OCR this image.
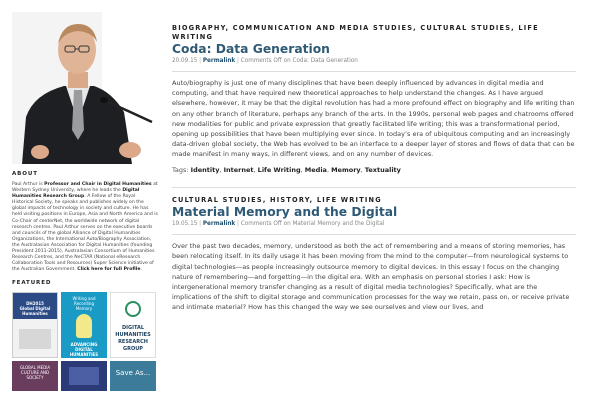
ABOUT
Paul Arthur is Professor and Chair in Digital Humanities at Western Sydney University, where he leads the Digital Humanities Research Group. A Fellow of the Royal Historical Society, he speaks and publishes widely on the global impacts of technology in society and culture. He has held visiting positions in Europe, Asia and North America and is Co-Chair of centerNet, the worldwide network of digital research centres. Paul Arthur serves on the executive boards and councils of the global Alliance of Digital Humanities Organizations, the International Auto/Biography Association, the Australasian Association for Digital Humanities (founding President 2011-2015), Australasian Consortium of Humanities Research Centres, and the NeCTAR (National eResearch Collaboration Tools and Resources) Super Science initiative of the Australian Government. Click here for full Profile.
FEATURED
DH2015
Global Digital
Humanities
Writing and
Recording
Memory
ADVANCING
DIGITAL
HUMANITIES
DIGITAL
HUMANITIES
RESEARCH GROUP
GLOBAL MEDIA
CULTURE AND
SOCIETY
Save As...
BIOGRAPHY, COMMUNICATION AND MEDIA STUDIES, CULTURAL STUDIES, LIFE WRITING
Coda: Data Generation
20.09.15 | Permalink | Comments Off on Coda: Data Generation
Auto/biography is just one of many disciplines that have been deeply influenced by advances in digital media and computing, and that have required new theoretical approaches to help understand the changes. As I have argued elsewhere, however, it may be that the digital revolution has had a more profound effect on biography and life writing than on any other branch of literature, perhaps any branch of the arts. In the 1990s, personal web pages and chatrooms offered new modalities for public and private expression that greatly facilitated life writing; this was a transformational period, opening up possibilities that have been multiplying ever since. In today’s era of ubiquitous computing and an increasingly data-driven global society, the Web has evolved to be an interface to a deeper layer of stores and flows of data that can be made manifest in many ways, in different views, and on any number of devices.
Tags: Identity, Internet, Life Writing, Media, Memory, Textuality
CULTURAL STUDIES, HISTORY, LIFE WRITING
Material Memory and the Digital
19.05.15 | Permalink | Comments Off on Material Memory and the Digital
Over the past two decades, memory, understood as both the act of remembering and a means of storing memories, has been relocating itself. In its daily usage it has been moving from the mind to the computer—from neurological systems to digital technologies—as people increasingly outsource memory to digital devices. In this essay I focus on the changing nature of remembering—and forgetting—in the digital era. With an emphasis on personal stories I ask: How is intergenerational memory transfer changing as a result of digital media technologies? Specifically, what are the implications of the shift to digital storage and communication processes for the way we retain, pass on, or receive private and intimate material? How has this changed the way we see ourselves and view our lives, and
